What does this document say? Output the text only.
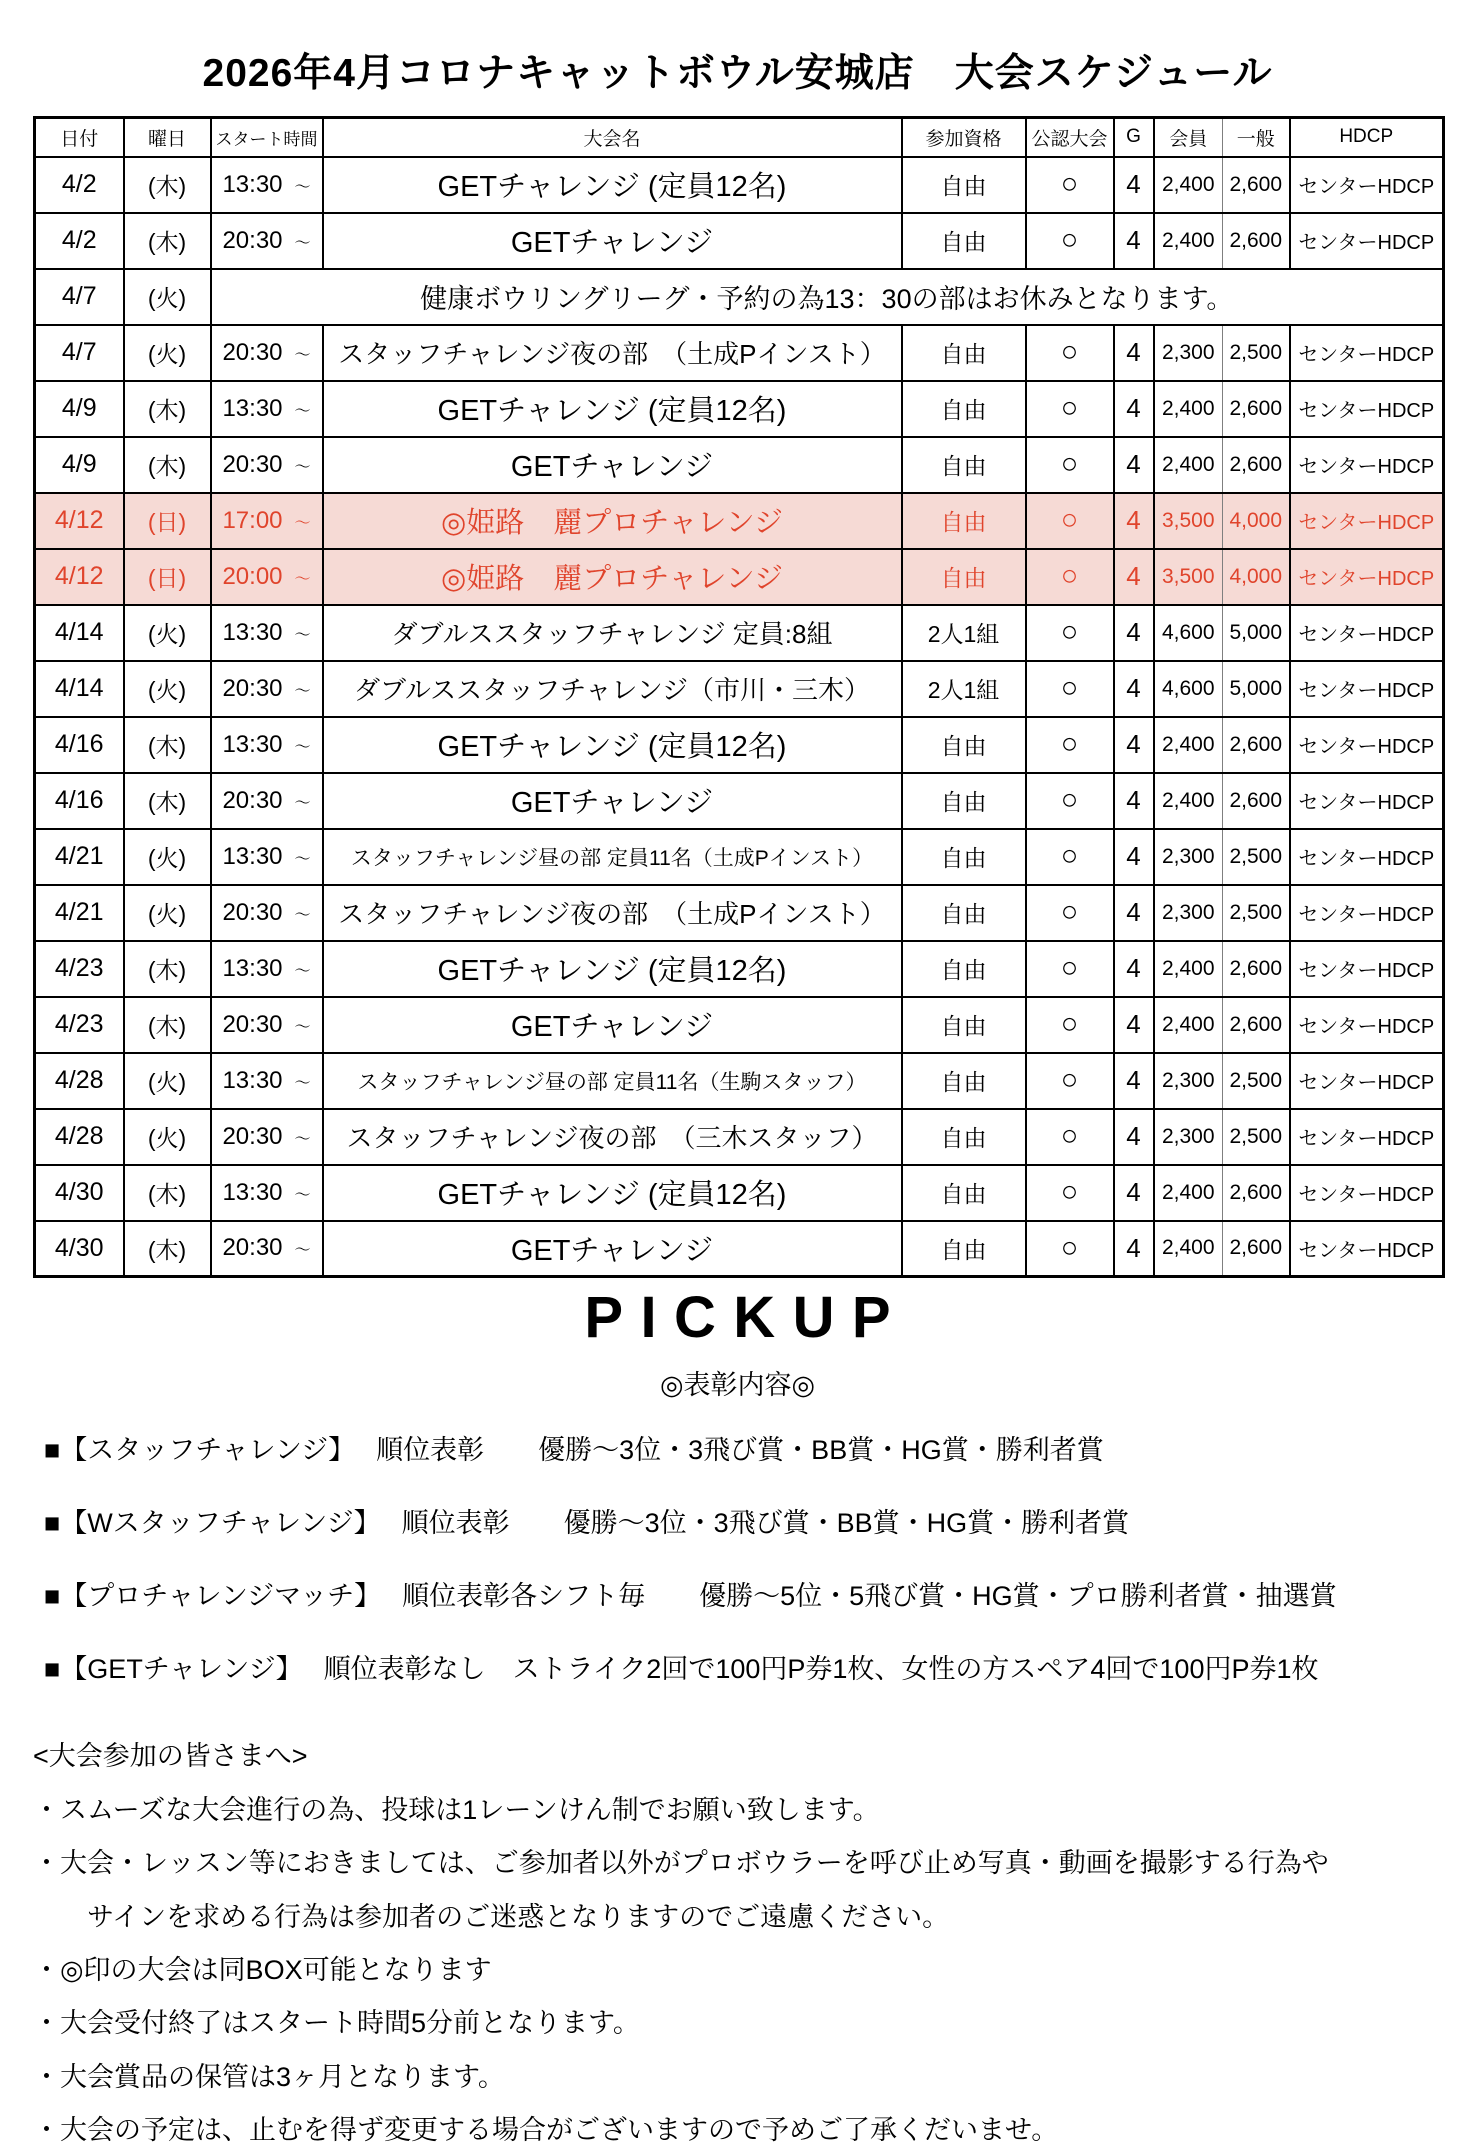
2026年4月コロナキャットボウル安城店　大会スケジュール
日付	曜日	スタート時間	大会名	参加資格	公認大会	G	会員	一般	HDCP
4/2	(木)	13:30 ～	GETチャレンジ (定員12名)	自由	○	4	2,400	2,600	センターHDCP
4/2	(木)	20:30 ～	GETチャレンジ	自由	○	4	2,400	2,600	センターHDCP
4/7	(火)	健康ボウリングリーグ・予約の為13：30の部はお休みとなります。							
4/7	(火)	20:30 ～	スタッフチャレンジ夜の部　（土成Pインスト）	自由	○	4	2,300	2,500	センターHDCP
4/9	(木)	13:30 ～	GETチャレンジ (定員12名)	自由	○	4	2,400	2,600	センターHDCP
4/9	(木)	20:30 ～	GETチャレンジ	自由	○	4	2,400	2,600	センターHDCP
4/12	(日)	17:00 ～	◎姫路　麗プロチャレンジ	自由	○	4	3,500	4,000	センターHDCP
4/12	(日)	20:00 ～	◎姫路　麗プロチャレンジ	自由	○	4	3,500	4,000	センターHDCP
4/14	(火)	13:30 ～	ダブルススタッフチャレンジ 定員:8組	2人1組	○	4	4,600	5,000	センターHDCP
4/14	(火)	20:30 ～	ダブルススタッフチャレンジ（市川・三木）	2人1組	○	4	4,600	5,000	センターHDCP
4/16	(木)	13:30 ～	GETチャレンジ (定員12名)	自由	○	4	2,400	2,600	センターHDCP
4/16	(木)	20:30 ～	GETチャレンジ	自由	○	4	2,400	2,600	センターHDCP
4/21	(火)	13:30 ～	スタッフチャレンジ昼の部 定員11名（土成Pインスト）	自由	○	4	2,300	2,500	センターHDCP
4/21	(火)	20:30 ～	スタッフチャレンジ夜の部　（土成Pインスト）	自由	○	4	2,300	2,500	センターHDCP
4/23	(木)	13:30 ～	GETチャレンジ (定員12名)	自由	○	4	2,400	2,600	センターHDCP
4/23	(木)	20:30 ～	GETチャレンジ	自由	○	4	2,400	2,600	センターHDCP
4/28	(火)	13:30 ～	スタッフチャレンジ昼の部 定員11名（生駒スタッフ）	自由	○	4	2,300	2,500	センターHDCP
4/28	(火)	20:30 ～	スタッフチャレンジ夜の部　（三木スタッフ）	自由	○	4	2,300	2,500	センターHDCP
4/30	(木)	13:30 ～	GETチャレンジ (定員12名)	自由	○	4	2,400	2,600	センターHDCP
4/30	(木)	20:30 ～	GETチャレンジ	自由	○	4	2,400	2,600	センターHDCP
PICKUP
◎表彰内容◎
■【スタッフチャレンジ】　 順位表彰　　優勝～3位・3飛び賞・BB賞・HG賞・勝利者賞
■【Wスタッフチャレンジ】　 順位表彰　　優勝～3位・3飛び賞・BB賞・HG賞・勝利者賞
■【プロチャレンジマッチ】　 順位表彰各シフト毎　　優勝～5位・5飛び賞・HG賞・プロ勝利者賞・抽選賞
■【GETチャレンジ】　 順位表彰なし　ストライク2回で100円P券1枚、女性の方スペア4回で100円P券1枚
<大会参加の皆さまへ>
・スムーズな大会進行の為、投球は1レーンけん制でお願い致します。
・大会・レッスン等におきましては、ご参加者以外がプロボウラーを呼び止め写真・動画を撮影する行為や
　　サインを求める行為は参加者のご迷惑となりますのでご遠慮ください。
・◎印の大会は同BOX可能となります
・大会受付終了はスタート時間5分前となります。
・大会賞品の保管は3ヶ月となります。
・大会の予定は、止むを得ず変更する場合がございますので予めご了承くだいませ。
